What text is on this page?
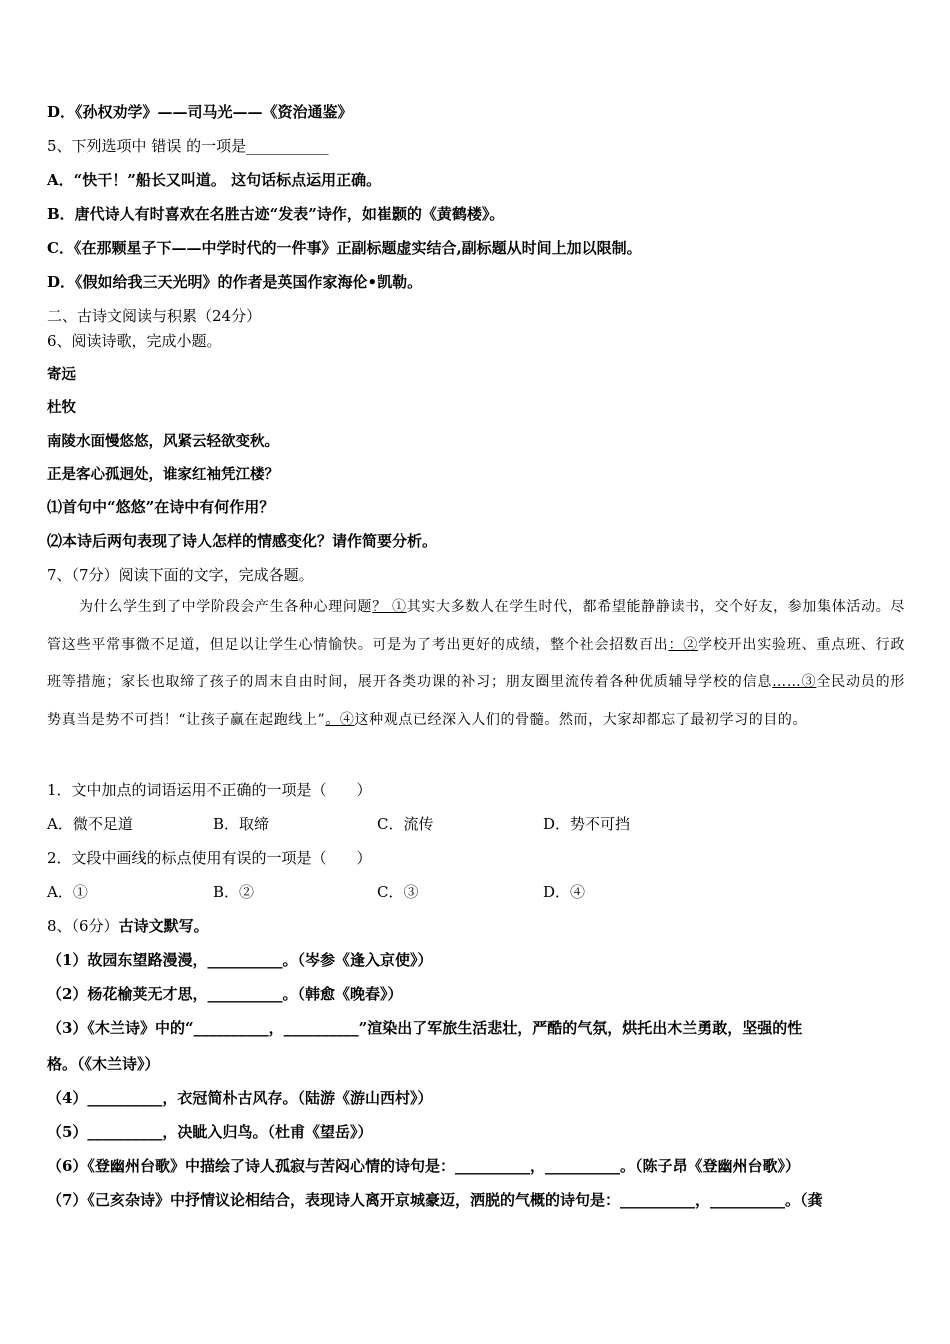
D．《孙权劝学》——司马光——《资治通鉴》
5、下列选项中 错误 的一项是___________
A．“快干！”船长又叫道。 这句话标点运用正确。
B．唐代诗人有时喜欢在名胜古迹“发表”诗作，如崔颢的《黄鹤楼》。
C．《在那颗星子下——中学时代的一件事》正副标题虚实结合,副标题从时间上加以限制。
D．《假如给我三天光明》的作者是英国作家海伦•凯勒。
二、古诗文阅读与积累（24分）
6、阅读诗歌，完成小题。
寄远
杜牧
南陵水面慢悠悠，风紧云轻欲变秋。
正是客心孤迥处，谁家红袖凭江楼？
⑴首句中“悠悠”在诗中有何作用？
⑵本诗后两句表现了诗人怎样的情感变化？请作简要分析。
7、（7分）阅读下面的文字，完成各题。
为什么学生到了中学阶段会产生各种心理问题？ ①其实大多数人在学生时代，都希望能静静读书，交个好友，参加集体活动。尽管这些平常事微不足道，但足以让学生心情愉快。可是为了考出更好的成绩，整个社会招数百出：②学校开出实验班、重点班、行政班等措施；家长也取缔了孩子的周末自由时间，展开各类功课的补习；朋友圈里流传着各种优质辅导学校的信息……③全民动员的形势真当是势不可挡！“让孩子赢在起跑线上”。④这种观点已经深入人们的骨髓。然而，大家却都忘了最初学习的目的。
1．文中加点的词语运用不正确的一项是（　　）
A．微不足道	B．取缔	C．流传	D．势不可挡
2．文段中画线的标点使用有误的一项是（　　）
A．①	B．②	C．③	D．④
8、（6分）古诗文默写。
（1）故园东望路漫漫，__________。（岑参《逢入京使》）
（2）杨花榆荚无才思，__________。（韩愈《晚春》）
（3）《木兰诗》中的“__________，__________”渲染出了军旅生活悲壮，严酷的气氛，烘托出木兰勇敢，坚强的性
格。（《木兰诗》）
（4）__________，衣冠简朴古风存。（陆游《游山西村》）
（5）__________，决眦入归鸟。（杜甫《望岳》）
（6）《登幽州台歌》中描绘了诗人孤寂与苦闷心情的诗句是：__________，__________。（陈子昂《登幽州台歌》）
（7）《己亥杂诗》中抒情议论相结合，表现诗人离开京城豪迈，洒脱的气概的诗句是：__________，__________。（龚
